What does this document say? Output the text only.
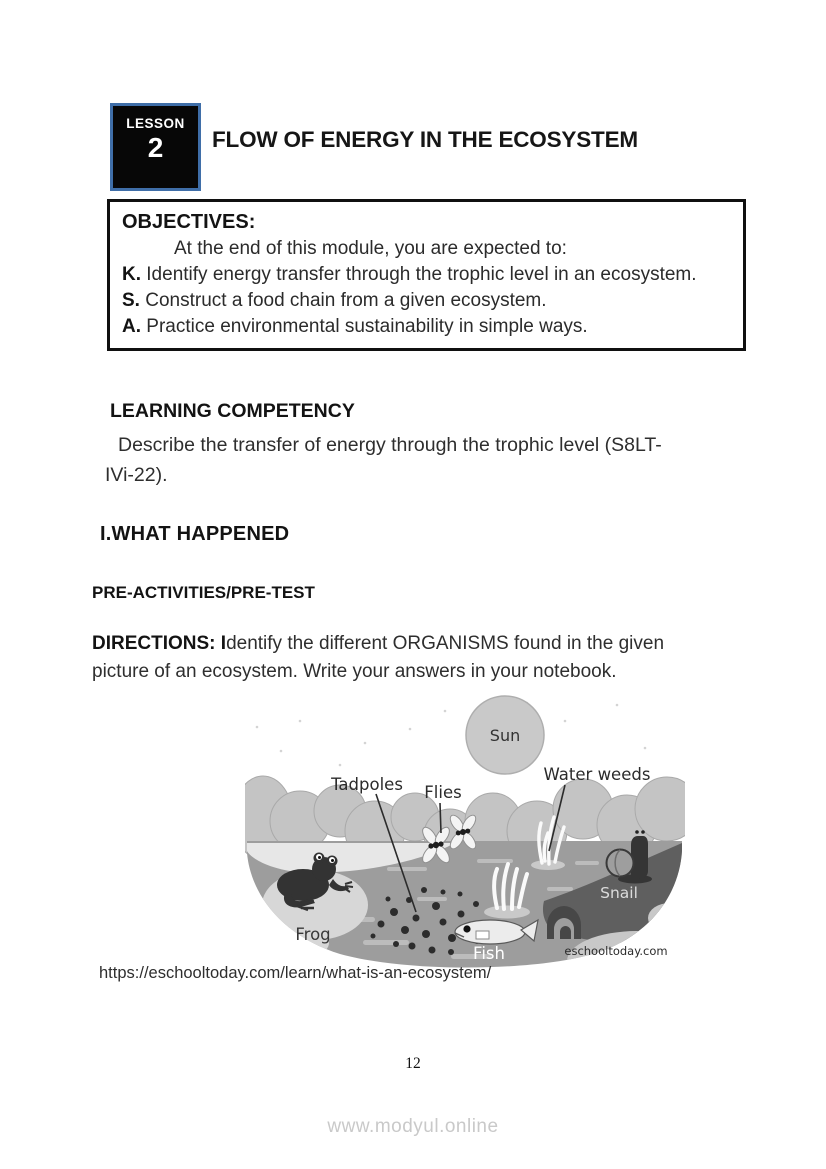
LESSON
2	FLOW OF ENERGY IN THE ECOSYSTEM
OBJECTIVES:
At the end of this module, you are expected to:

K. Identify energy transfer through the trophic level in an ecosystem.

S. Construct a food chain from a given ecosystem.

A. Practice environmental sustainability in simple ways.

LEARNING COMPETENCY

Describe the transfer of energy through the trophic level (S8LT-IVi-22).

I.WHAT HAPPENED
PRE-ACTIVITIES/PRE-TEST

DIRECTIONS: Identify the different ORGANISMS found in the given picture of an ecosystem. Write your answers in your notebook.

Sun
Tadpoles Flies
Water weeds
Frog
Fish
Snail
eschooltoday.com
https://eschooltoday.com/learn/what-is-an-ecosystem/
12
www.modyul.online
